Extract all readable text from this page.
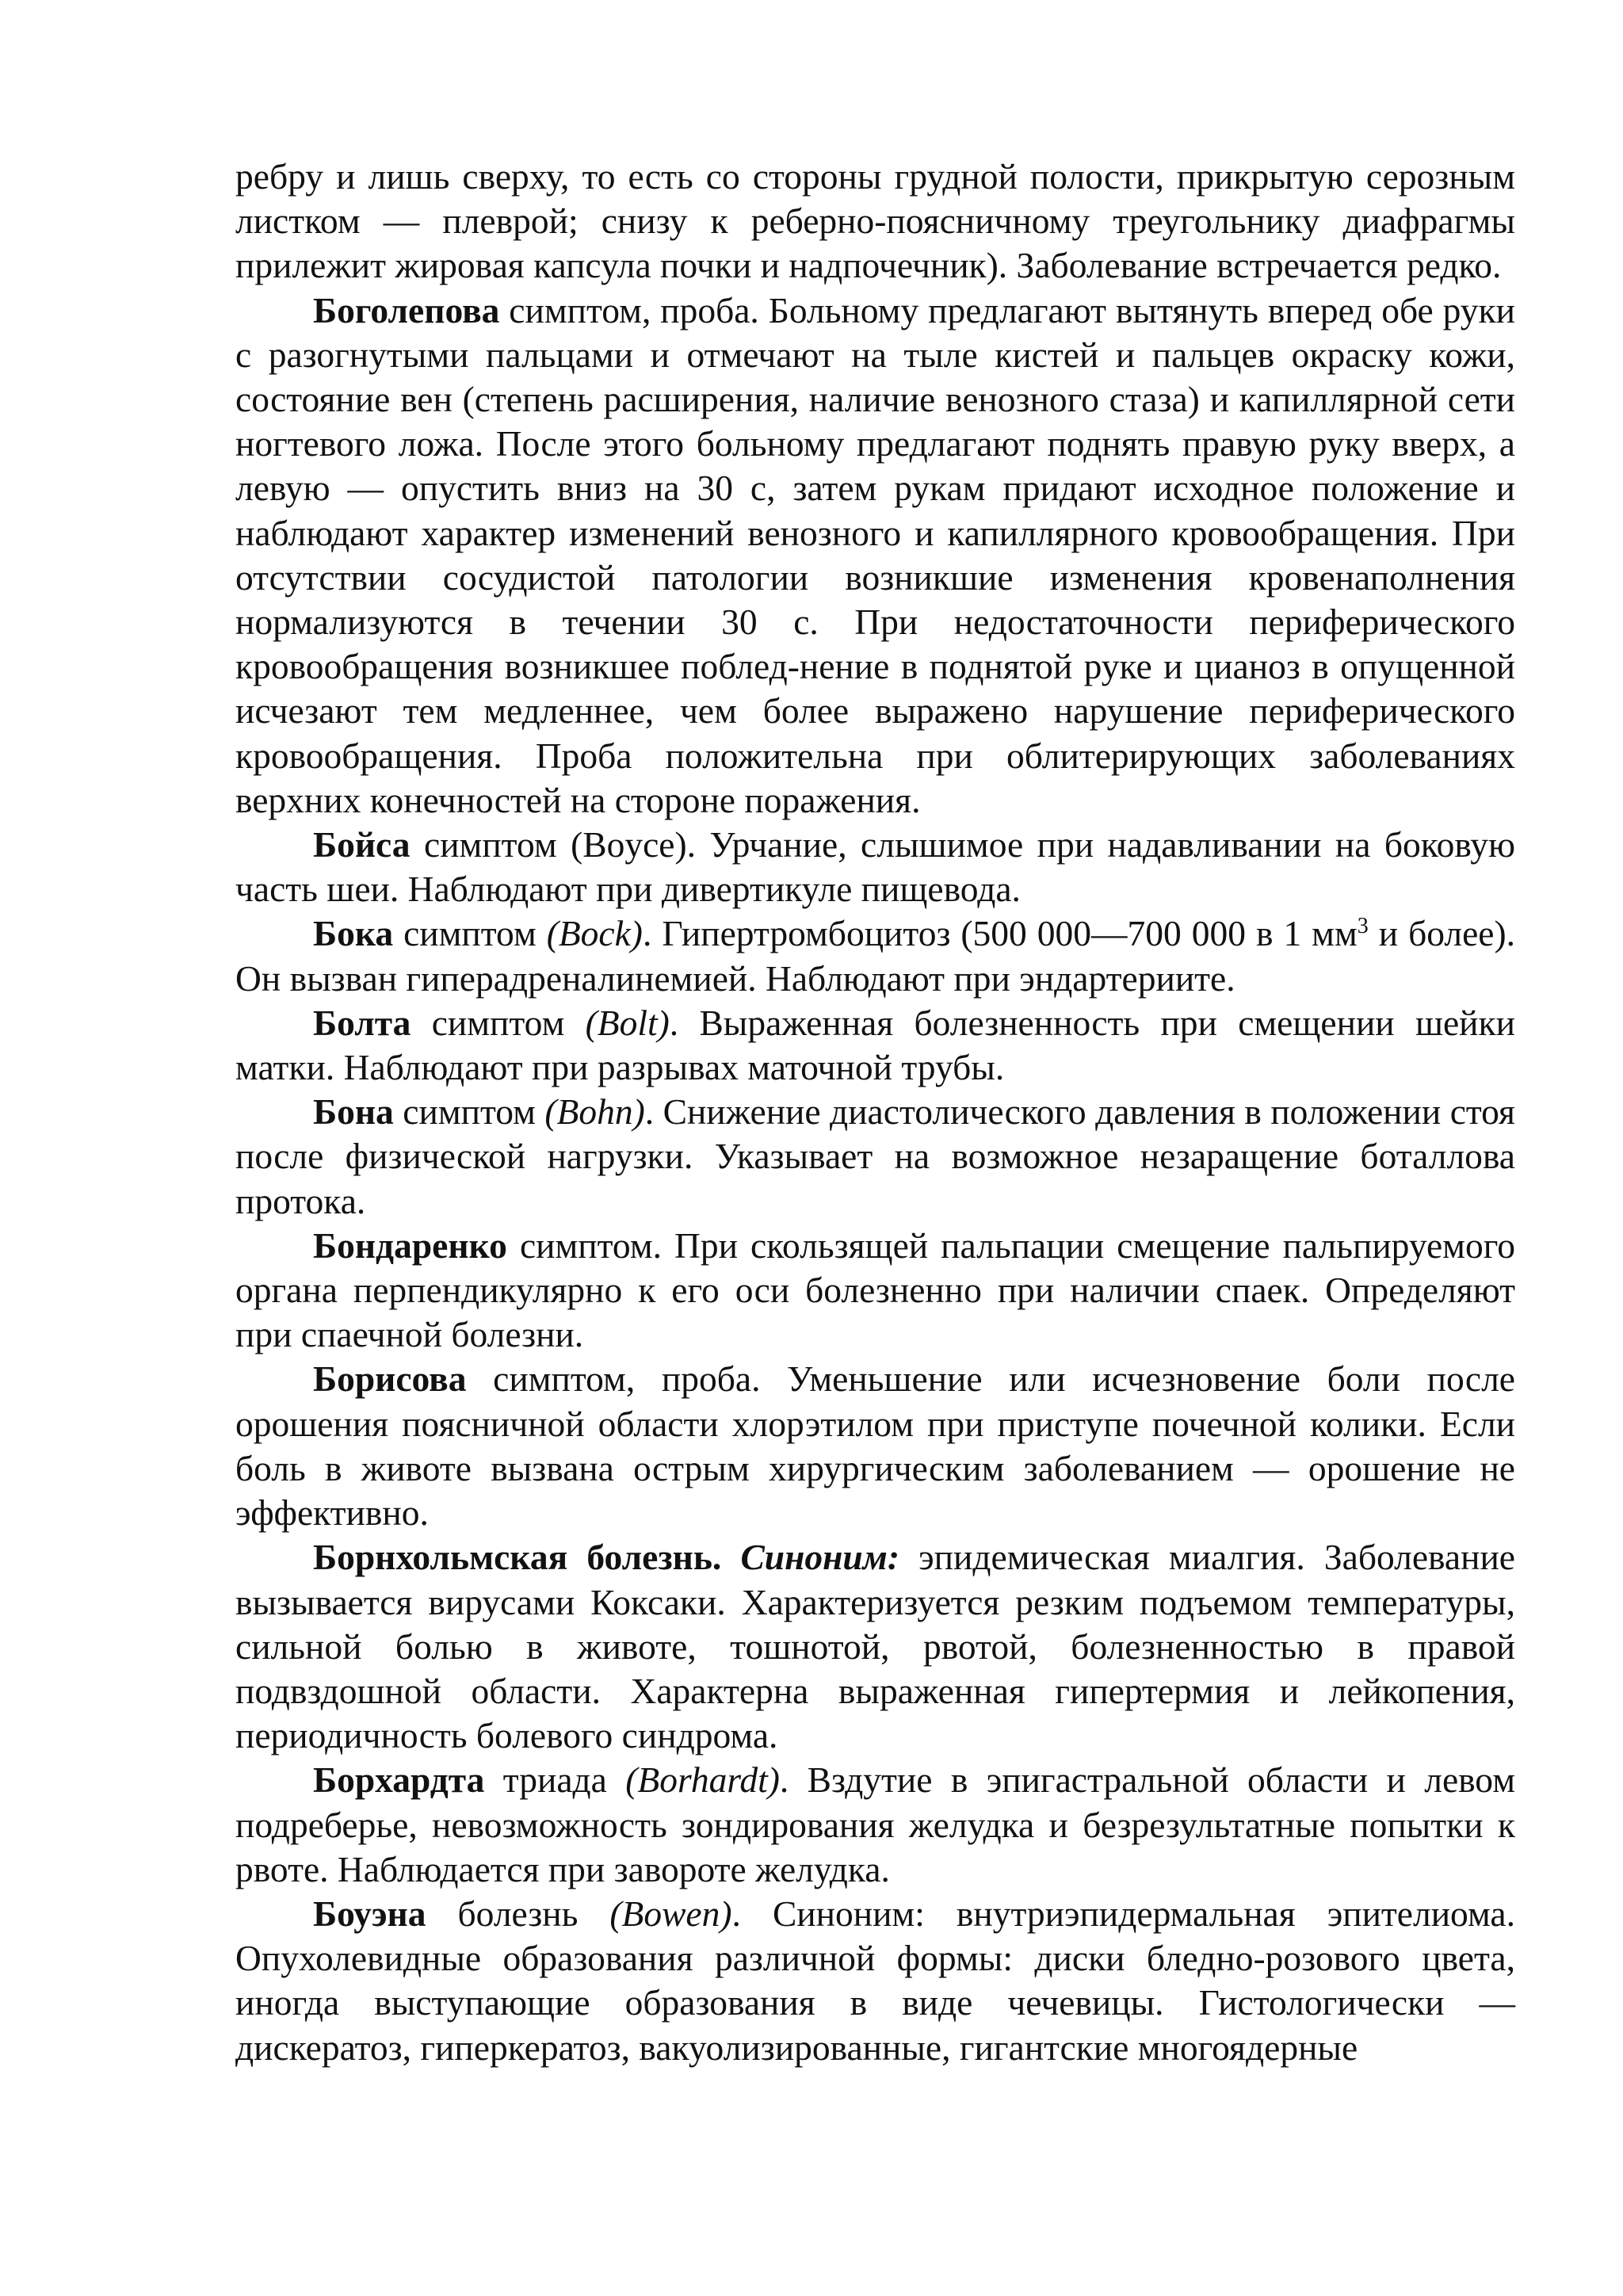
ребру и лишь сверху, то есть со стороны грудной полости, прикрытую серозным листком — плеврой; снизу к реберно-поясничному треугольнику диафрагмы прилежит жировая капсула почки и надпочечник). Заболевание встречается редко.

Боголепова симптом, проба. Больному предлагают вытянуть вперед обе руки с разогнутыми пальцами и отмечают на тыле кистей и пальцев окраску кожи, состояние вен (степень расширения, наличие венозного стаза) и капиллярной сети ногтевого ложа. После этого больному предлагают поднять правую руку вверх, а левую — опустить вниз на 30 с, затем рукам придают исходное положение и наблюдают характер изменений венозного и капиллярного кровообращения. При отсутствии сосудистой патологии возникшие изменения кровенаполнения нормализуются в течении 30 с. При недостаточности периферического кровообращения возникшее поблед-нение в поднятой руке и цианоз в опущенной исчезают тем медленнее, чем более выражено нарушение периферического кровообращения. Проба положительна при облитерирующих заболеваниях верхних конечностей на стороне поражения.

Бойса симптом (Boyce). Урчание, слышимое при надавливании на боковую часть шеи. Наблюдают при дивертикуле пищевода.

Бока симптом (Bock). Гипертромбоцитоз (500 000—700 000 в 1 $мм^3$ и более). Он вызван гиперадреналинемией. Наблюдают при эндартериите.

Болта симптом (Bolt). Выраженная болезненность при смещении шейки матки. Наблюдают при разрывах маточной трубы.

Бона симптом (Bohn). Снижение диастолического давления в положении стоя после физической нагрузки. Указывает на возможное незаращение боталлова протока.

Бондаренко симптом. При скользящей пальпации смещение пальпируемого органа перпендикулярно к его оси болезненно при наличии спаек. Определяют при спаечной болезни.

Борисова симптом, проба. Уменьшение или исчезновение боли после орошения поясничной области хлорэтилом при приступе почечной колики. Если боль в животе вызвана острым хирургическим заболеванием — орошение не эффективно.

Борнхольмская болезнь. Синоним: эпидемическая миалгия. Заболевание вызывается вирусами Коксаки. Характеризуется резким подъемом температуры, сильной болью в животе, тошнотой, рвотой, болезненностью в правой подвздошной области. Характерна выраженная гипертермия и лейкопения, периодичность болевого синдрома.

Борхардта триада (Borhardt). Вздутие в эпигастральной области и левом подреберье, невозможность зондирования желудка и безрезультатные попытки к рвоте. Наблюдается при завороте желудка.

Боуэна болезнь (Bowen). Синоним: внутриэпидермальная эпителиома. Опухолевидные образования различной формы: диски бледно-розового цвета, иногда выступающие образования в виде чечевицы. Гистологически — дискератоз, гиперкератоз, вакуолизированные, гигантские многоядерные
